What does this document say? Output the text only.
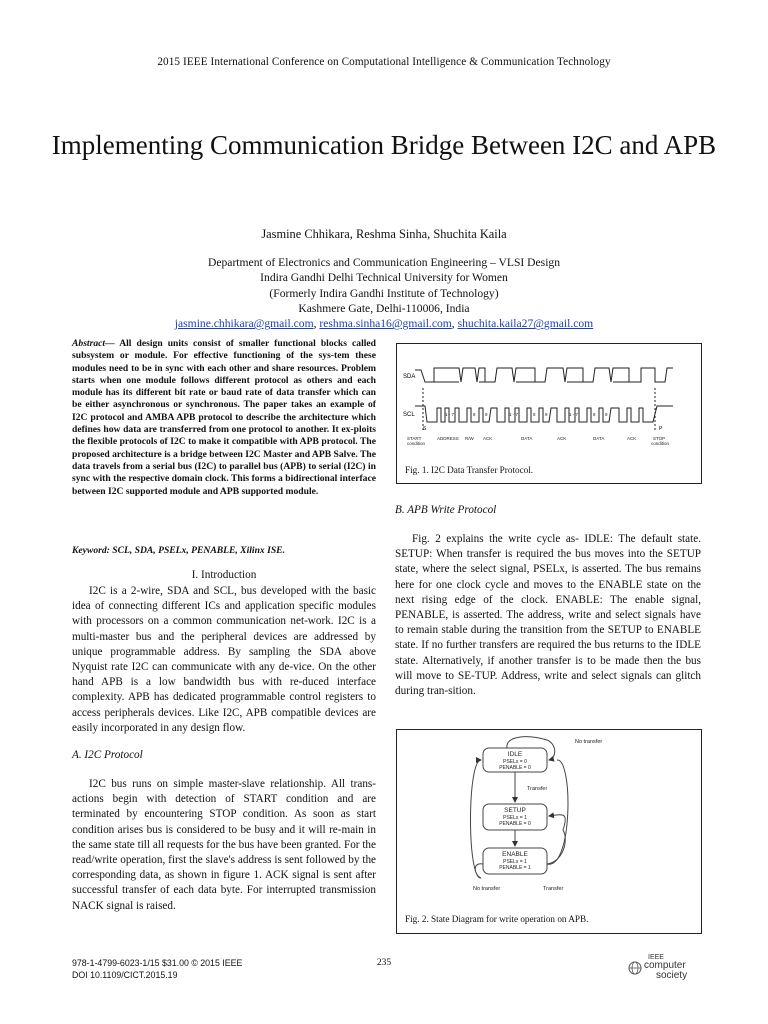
2015 IEEE International Conference on Computational Intelligence & Communication Technology
Implementing Communication Bridge Between I2C and APB
Jasmine Chhikara, Reshma Sinha, Shuchita Kaila
Department of Electronics and Communication Engineering – VLSI Design
Indira Gandhi Delhi Technical University for Women
(Formerly Indira Gandhi Institute of Technology)
Kashmere Gate, Delhi-110006, India
jasmine.chhikara@gmail.com, reshma.sinha16@gmail.com, shuchita.kaila27@gmail.com
Abstract— All design units consist of smaller functional blocks called subsystem or module. For effective functioning of the sys-tem these modules need to be in sync with each other and share resources. Problem starts when one module follows different protocol as others and each module has its different bit rate or baud rate of data transfer which can be either asynchronous or synchronous. The paper takes an example of I2C protocol and AMBA APB protocol to describe the architecture which defines how data are transferred from one protocol to another. It ex-ploits the flexible protocols of I2C to make it compatible with APB protocol. The proposed architecture is a bridge between I2C Master and APB Salve. The data travels from a serial bus (I2C) to parallel bus (APB) to serial (I2C) in sync with the respective domain clock. This forms a bidirectional interface between I2C supported module and APB supported module.
Keyword: SCL, SDA, PSELx, PENABLE, Xilinx ISE.
I. Introduction

I2C is a 2-wire, SDA and SCL, bus developed with the basic idea of connecting different ICs and application specific modules with processors on a common communication net-work. I2C is a multi-master bus and the peripheral devices are addressed by unique programmable address. By sampling the SDA above Nyquist rate I2C can communicate with any de-vice. On the other hand APB is a low bandwidth bus with re-duced interface complexity. APB has dedicated programmable control registers to access peripherals devices. Like I2C, APB compatible devices are easily incorporated in any design flow.

A. I2C Protocol

I2C bus runs on simple master-slave relationship. All trans-actions begin with detection of START condition and are terminated by encountering STOP condition. As soon as start condition arises bus is considered to be busy and it will re-main in the same state till all requests for the bus have been granted. For the read/write operation, first the slave's address is sent followed by the corresponding data, as shown in figure 1. ACK signal is sent after successful transfer of each data byte. For interrupted transmission NACK signal is raised.

SDA
SCL
S	P
1 - 7	8 9	1 - 7	8 9	1 - 7	8 9
START
condition
ADDRESS R/W ACK	DATA	ACK	DATA	ACK	STOP
condition
Fig. 1. I2C Data Transfer Protocol.
B. APB Write Protocol

Fig. 2 explains the write cycle as- IDLE: The default state. SETUP: When transfer is required the bus moves into the SETUP state, where the select signal, PSELx, is asserted. The bus remains here for one clock cycle and moves to the ENABLE state on the next rising edge of the clock. ENABLE: The enable signal, PENABLE, is asserted. The address, write and select signals have to remain stable during the transition from the SETUP to ENABLE state. If no further transfers are required the bus returns to the IDLE state. Alternatively, if another transfer is to be made then the bus will move to SE-TUP. Address, write and select signals can glitch during tran-sition.

IDLE
PSELx = 0
PENABLE = 0
SETUP
PSELx = 1
PENABLE = 0
ENABLE
PSELx = 1
PENABLE = 1
No transfer
Transfer
No transfer	Transfer
Fig. 2. State Diagram for write operation on APB.
978-1-4799-6023-1/15 $31.00 © 2015 IEEE
DOI 10.1109/CICT.2015.19
235
IEEE
computer
society
